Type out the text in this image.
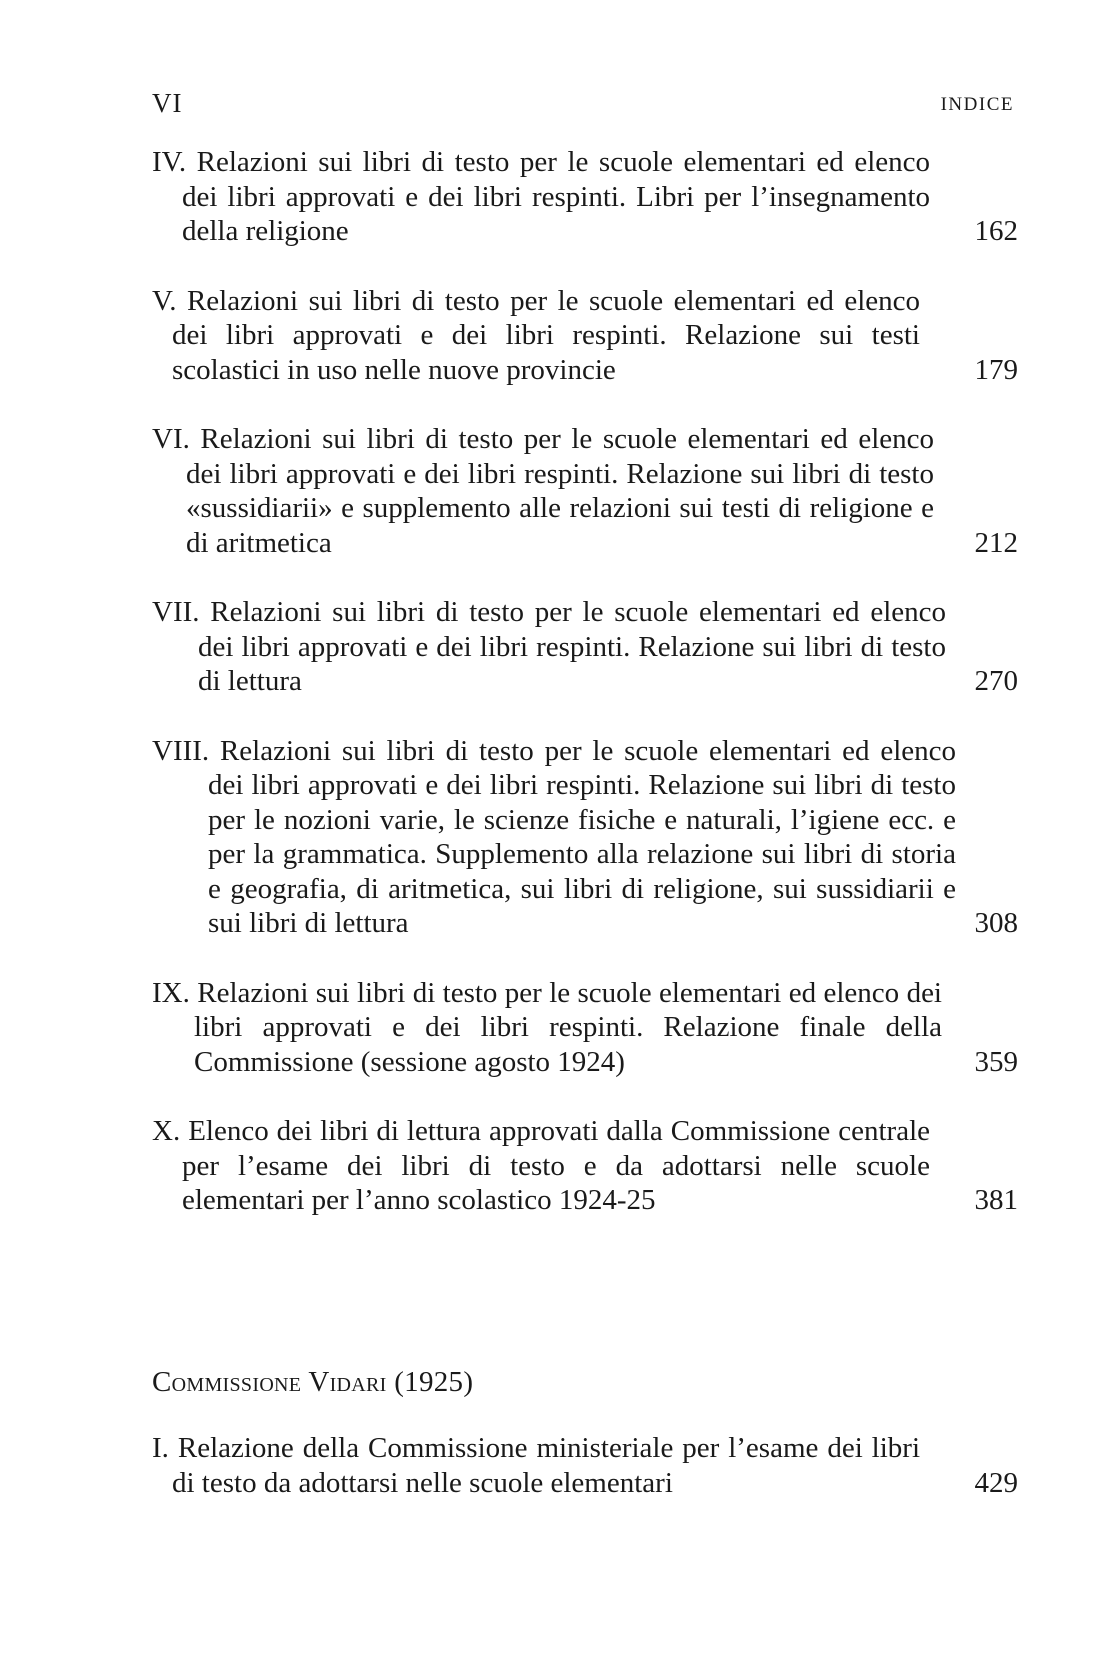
VI	INDICE
IV. Relazioni sui libri di testo per le scuole elementari ed elenco dei libri approvati e dei libri respinti. Libri per l’insegnamento della religione	162
V. Relazioni sui libri di testo per le scuole elementari ed elenco dei libri approvati e dei libri respinti. Relazione sui testi scolastici in uso nelle nuove provincie	179
VI. Relazioni sui libri di testo per le scuole elementari ed elenco dei libri approvati e dei libri respinti. Relazione sui libri di testo «sussidiarii» e supplemento alle relazioni sui testi di religione e di aritmetica	212
VII. Relazioni sui libri di testo per le scuole elementari ed elenco dei libri approvati e dei libri respinti. Relazione sui libri di testo di lettura	270
VIII. Relazioni sui libri di testo per le scuole elementari ed elenco dei libri approvati e dei libri respinti. Relazione sui libri di testo per le nozioni varie, le scienze fisiche e naturali, l’igiene ecc. e per la grammatica. Supplemento alla relazione sui libri di storia e geografia, di aritmetica, sui libri di religione, sui sussidiarii e sui libri di lettura	308
IX. Relazioni sui libri di testo per le scuole elementari ed elenco dei libri approvati e dei libri respinti. Relazione finale della Commissione (sessione agosto 1924)	359
X. Elenco dei libri di lettura approvati dalla Commissione centrale per l’esame dei libri di testo e da adottarsi nelle scuole elementari per l’anno scolastico 1924-25	381
Commissione Vidari (1925)
I. Relazione della Commissione ministeriale per l’esame dei libri di testo da adottarsi nelle scuole elementari	429
